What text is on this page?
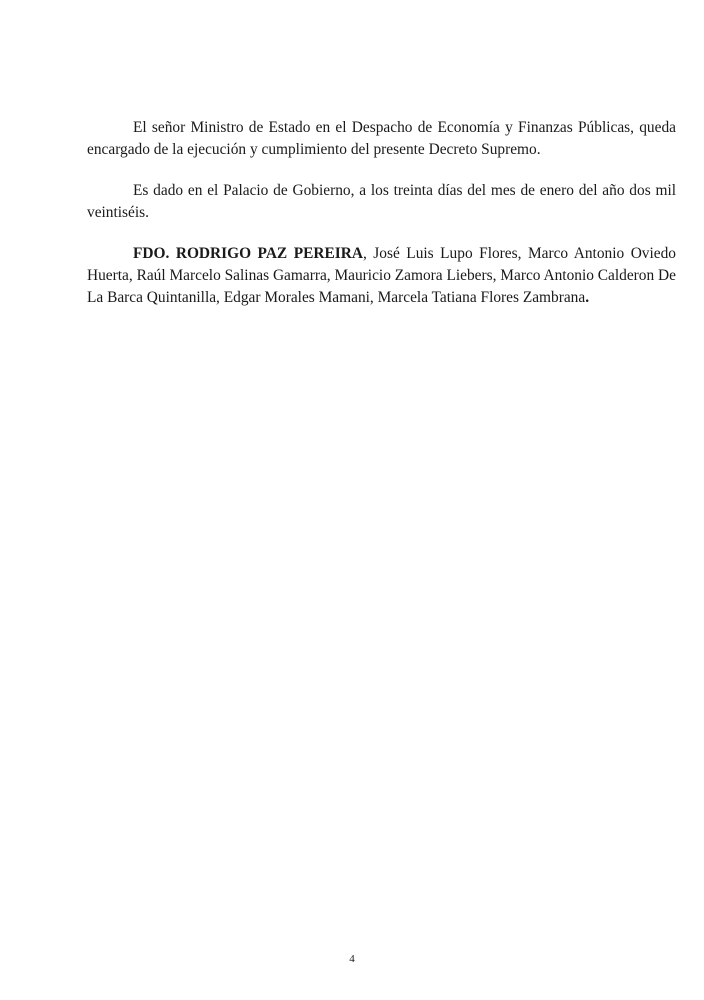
El señor Ministro de Estado en el Despacho de Economía y Finanzas Públicas, queda encargado de la ejecución y cumplimiento del presente Decreto Supremo.

Es dado en el Palacio de Gobierno, a los treinta días del mes de enero del año dos mil veintiséis.

FDO. RODRIGO PAZ PEREIRA, José Luis Lupo Flores, Marco Antonio Oviedo Huerta, Raúl Marcelo Salinas Gamarra, Mauricio Zamora Liebers, Marco Antonio Calderon De La Barca Quintanilla, Edgar Morales Mamani, Marcela Tatiana Flores Zambrana.

4
